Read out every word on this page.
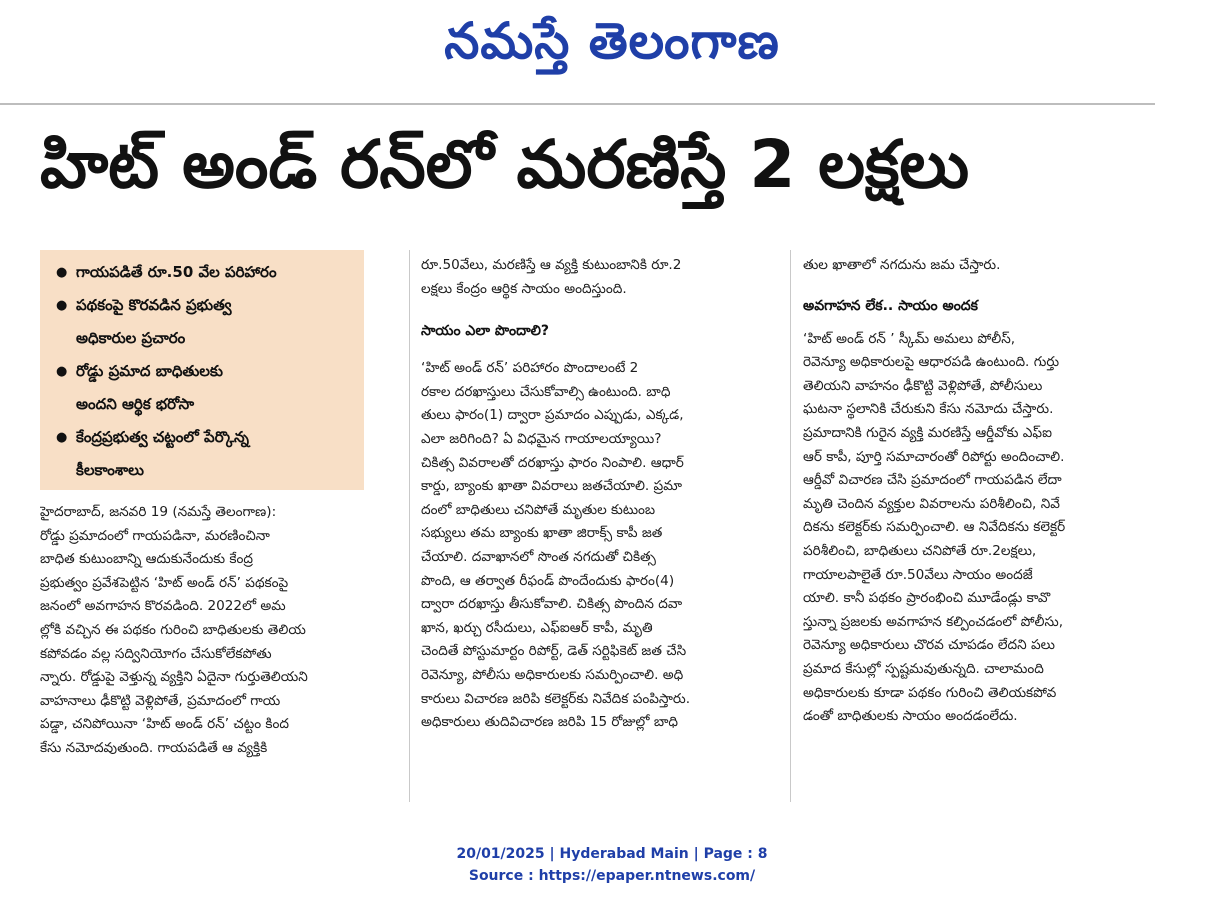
నమస్తే తెలంగాణ
హిట్‌ అండ్‌ రన్‌లో మరణిస్తే 2 లక్షలు
● గాయపడితే రూ.50 వేల పరిహారం
● పథకంపై కొరవడిన ప్రభుత్వ
అధికారుల ప్రచారం
● రోడ్డు ప్రమాద బాధితులకు
అందని ఆర్థిక భరోసా
● కేంద్రప్రభుత్వ చట్టంలో పేర్కొన్న
కీలకాంశాలు

హైదరాబాద్‌, జనవరి 19 (నమస్తే తెలంగాణ):
రోడ్డు ప్రమాదంలో గాయపడినా, మరణించినా
బాధిత కుటుంబాన్ని ఆదుకునేందుకు కేంద్ర
ప్రభుత్వం ప్రవేశపెట్టిన ‘హిట్‌ అండ్‌ రన్‌’ పథకంపై
జనంలో అవగాహన కొరవడింది. 2022లో అమ
ల్లోకి వచ్చిన ఈ పథకం గురించి బాధితులకు తెలియ
కపోవడం వల్ల సద్వినియోగం చేసుకోలేకపోతు
న్నారు. రోడ్డుపై వెళ్తున్న వ్యక్తిని ఏదైనా గుర్తుతెలియని
వాహనాలు ఢీకొట్టి వెళ్లిపోతే, ప్రమాదంలో గాయ
పడ్డా, చనిపోయినా ‘హిట్‌ అండ్‌ రన్‌’ చట్టం కింద
కేసు నమోదవుతుంది. గాయపడితే ఆ వ్యక్తికి

రూ.50వేలు, మరణిస్తే ఆ వ్యక్తి కుటుంబానికి రూ.2
లక్షలు కేంద్రం ఆర్థిక సాయం అందిస్తుంది.

సాయం ఎలా పొందాలి?

‘హిట్‌ అండ్‌ రన్‌’ పరిహారం పొందాలంటే 2
రకాల దరఖాస్తులు చేసుకోవాల్సి ఉంటుంది. బాధి
తులు ఫారం(1) ద్వారా ప్రమాదం ఎప్పుడు, ఎక్కడ,
ఎలా జరిగింది? ఏ విధమైన గాయాలయ్యాయి?
చికిత్స వివరాలతో దరఖాస్తు ఫారం నింపాలి. ఆధార్‌
కార్డు, బ్యాంకు ఖాతా వివరాలు జతచేయాలి. ప్రమా
దంలో బాధితులు చనిపోతే మృతుల కుటుంబ
సభ్యులు తమ బ్యాంకు ఖాతా జిరాక్స్‌ కాపీ జత
చేయాలి. దవాఖానలో సొంత నగదుతో చికిత్స
పొంది, ఆ తర్వాత రీఫండ్‌ పొందేందుకు ఫారం(4)
ద్వారా దరఖాస్తు తీసుకోవాలి. చికిత్స పొందిన దవా
ఖాన, ఖర్చు రసీదులు, ఎఫ్‌ఐఆర్‌ కాపీ, మృతి
చెందితే పోస్టుమార్టం రిపోర్ట్‌, డెత్‌ సర్టిఫికెట్‌ జత చేసి
రెవెన్యూ, పోలీసు అధికారులకు సమర్పించాలి. అధి
కారులు విచారణ జరిపి కలెక్టర్‌కు నివేదిక పంపిస్తారు.
అధికారులు తుదివిచారణ జరిపి 15 రోజుల్లో బాధి

తుల ఖాతాలో నగదును జమ చేస్తారు.

అవగాహన లేక.. సాయం అందక

‘హిట్‌ అండ్‌ రన్‌ ’ స్కీమ్‌ అమలు పోలీస్‌,
రెవెన్యూ అధికారులపై ఆధారపడి ఉంటుంది. గుర్తు
తెలియని వాహనం ఢీకొట్టి వెళ్లిపోతే, పోలీసులు
ఘటనా స్థలానికి చేరుకుని కేసు నమోదు చేస్తారు.
ప్రమాదానికి గురైన వ్యక్తి మరణిస్తే ఆర్డీవోకు ఎఫ్‌ఐ
ఆర్‌ కాపీ, పూర్తి సమాచారంతో రిపోర్టు అందించాలి.
ఆర్డీవో విచారణ చేసి ప్రమాదంలో గాయపడిన లేదా
మృతి చెందిన వ్యక్తుల వివరాలను పరిశీలించి, నివే
దికను కలెక్టర్‌కు సమర్పించాలి. ఆ నివేదికను కలెక్టర్‌
పరిశీలించి, బాధితులు చనిపోతే రూ.2లక్షలు,
గాయాలపాలైతే రూ.50వేలు సాయం అందజే
యాలి. కానీ పథకం ప్రారంభించి మూడేండ్లు కావొ
స్తున్నా ప్రజలకు అవగాహన కల్పించడంలో పోలీసు,
రెవెన్యూ అధికారులు చొరవ చూపడం లేదని పలు
ప్రమాద కేసుల్లో స్పష్టమవుతున్నది. చాలామంది
అధికారులకు కూడా పథకం గురించి తెలియకపోవ
డంతో బాధితులకు సాయం అందడంలేదు.

20/01/2025 | Hyderabad Main | Page : 8
Source : https://epaper.ntnews.com/
